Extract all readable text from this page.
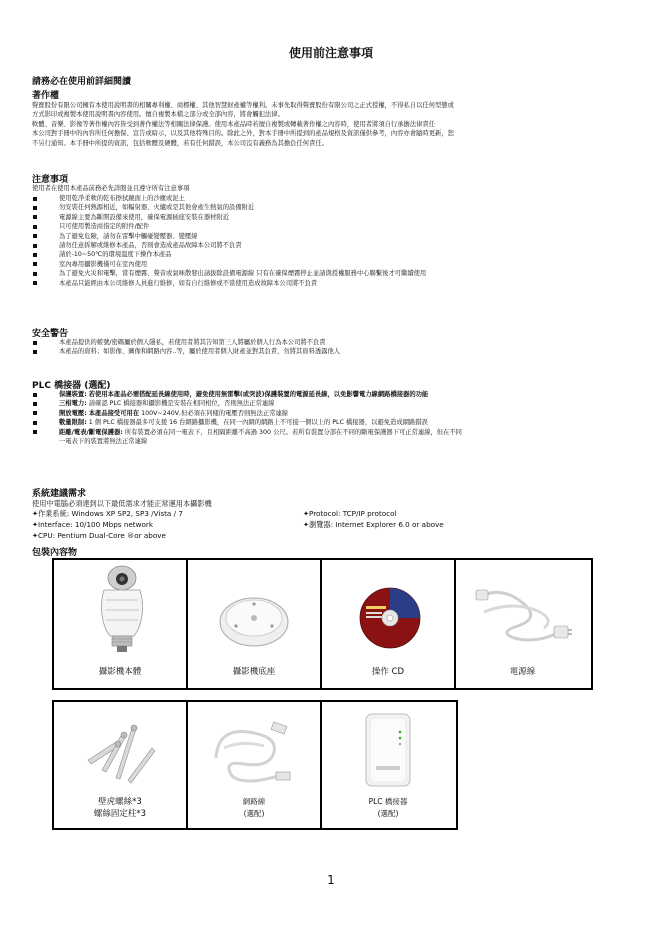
使用前注意事項
請務必在使用前詳細閱讀
著作權
聲寶股份有限公司擁有本使用說明書的相關專利權、商標權、其他智慧財產權等權利。未事先取得聲寶股份有限公司之正式授權，不得私自以任何型態或
方式影印或複製本使用說明書內容使用。擅自複製本檔之部分或全部內容，將會觸犯法律。
軟體、音樂、影像等著作權內容皆受到著作權法等相關法律保護。使用本產品時若擅自複製或轉載著作權之內容時，使用者將須自行承擔法律責任
本公司對手冊中的內容所任何擔保、宣告或暗示，以及其他特殊目的。除此之外，對本手冊中所提到的產品規格及資訊僅供參考，內容亦會隨時更新，恕
不另行通知。本手冊中所提的資訊，包括軟體及硬體，若有任何錯誤，本公司沒有義務為其擔負任何責任。
注意事項
使用者在使用本產品前務必先詳閱並且遵守所有注意事項
使用乾淨柔軟的乾布擦拭鏡面上的沙塵或泥土
勿安裝任何熱源相近，如輻射器、火爐或是其他會產生熱氣的設備附近
電源線主要為斷開設備來使用，確保電源插座安裝在器材附近
只可使用製造商指定的附件/配件
為了避免危險，請勿在雷擊中觸碰變壓器、變壓線
請勿任意拆解或維修本產品，否則會造成產品故障本公司將不負責
請於-10~50℃的環境溫度下操作本產品
室內專用攝影機僅可在室內使用
為了避免火災和電擊，當有煙霧、聲音或氣味散發出請拔除設備電源線 只有在確保煙霧停止並請與授權服務中心聯繫後才可繼續使用
本產品只能經由本公司維修人員進行維修，如有自行維修或不當使用造成故障本公司將不負責
安全警告
本產品提供的帳號/密碼屬於個人隱私，若使用者將其告知第三人將屬於個人行為本公司將不負責
本產品的資料；如影像、圖像和網路內容..等，屬於使用者個人財產並對其負責，勿將其資料透露他人
PLC 橋接器 (選配)
保護裝置: 若使用本產品必需搭配延長線使用時，避免使用無雷擊(或突波)保護裝置的電源延長線，以免影響電力線網路橋接器的功能
三相電力: 請確認 PLC 橋接器和攝影機是安裝在相同相位，否則無法正常連線
開放電壓: 本產品接受可用在 100V~240V,但必須在同樣的電壓否則無法正常連線
數量限制: 1 個 PLC 橋接器最多可支援 16 台網路攝影機，在同一內網的網路上不可接一個以上的 PLC 橋接器，以避免造成網路錯誤
距離/電表/斷電保護器: 所有裝置必須在同一電表下，且相隔距離不高過 300 公尺。若所有裝置分部在不同的斷電保護器下可正常連線，但在不同
一電表下的裝置將無法正常連線
系統建議需求
使用中電腦必須達到以下最低需求才能正常運用本攝影機
✦作業系統: Windows XP SP2, SP3 /Vista / 7
✦Interface: 10/100 Mbps network
✦CPU: Pentium Dual-Core ®or above
✦Protocol: TCP/IP protocol
✦瀏覽器: Internet Explorer 6.0 or above
包裝內容物
攝影機本體	攝影機底座	操作 CD	電源線
壁虎螺絲*3
螺絲固定柱*3
網路線
(選配)
PLC 橋接器
(選配)
1
